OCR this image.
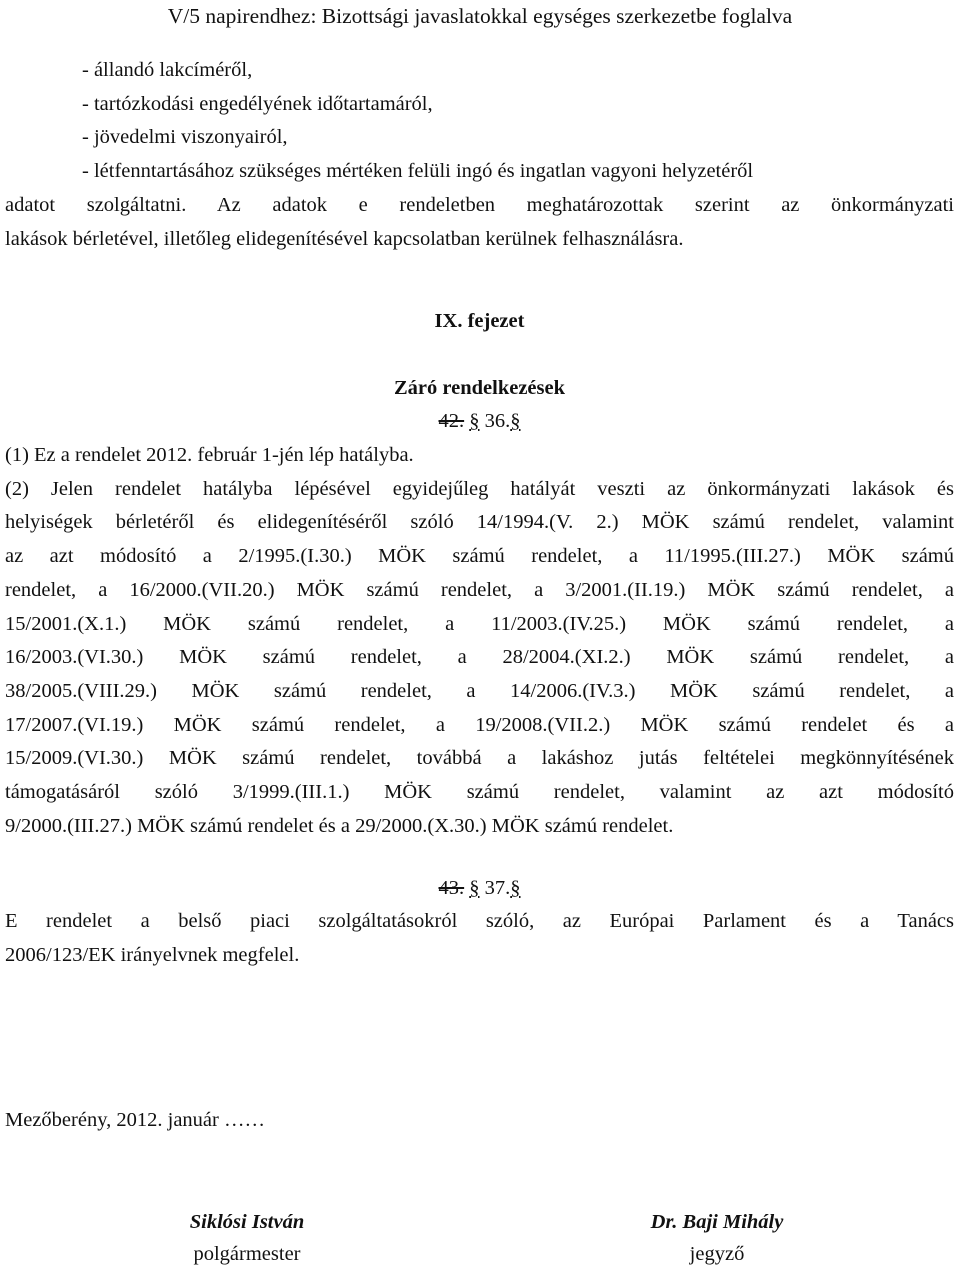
V/5 napirendhez: Bizottsági javaslatokkal egységes szerkezetbe foglalva
- állandó lakcíméről,
- tartózkodási engedélyének időtartamáról,
- jövedelmi viszonyairól,
- létfenntartásához szükséges mértéken felüli ingó és ingatlan vagyoni helyzetéről
adatot szolgáltatni. Az adatok e rendeletben meghatározottak szerint az önkormányzati
lakások bérletével, illetőleg elidegenítésével kapcsolatban kerülnek felhasználásra.
IX. fejezet
Záró rendelkezések
42. § 36.§
(1) Ez a rendelet 2012. február 1-jén lép hatályba.
(2) Jelen rendelet hatályba lépésével egyidejűleg hatályát veszti az önkormányzati lakások és
helyiségek bérletéről és elidegenítéséről szóló 14/1994.(V. 2.) MÖK számú rendelet, valamint
az azt módosító a 2/1995.(I.30.) MÖK számú rendelet, a 11/1995.(III.27.) MÖK számú
rendelet, a 16/2000.(VII.20.) MÖK számú rendelet, a 3/2001.(II.19.) MÖK számú rendelet, a
15/2001.(X.1.) MÖK számú rendelet, a 11/2003.(IV.25.) MÖK számú rendelet, a
16/2003.(VI.30.) MÖK számú rendelet, a 28/2004.(XI.2.) MÖK számú rendelet, a
38/2005.(VIII.29.) MÖK számú rendelet, a 14/2006.(IV.3.) MÖK számú rendelet, a
17/2007.(VI.19.) MÖK számú rendelet, a 19/2008.(VII.2.) MÖK számú rendelet és a
15/2009.(VI.30.) MÖK számú rendelet, továbbá a lakáshoz jutás feltételei megkönnyítésének
támogatásáról szóló 3/1999.(III.1.) MÖK számú rendelet, valamint az azt módosító
9/2000.(III.27.) MÖK számú rendelet és a 29/2000.(X.30.) MÖK számú rendelet.
43. § 37.§
E rendelet a belső piaci szolgáltatásokról szóló, az Európai Parlament és a Tanács
2006/123/EK irányelvnek megfelel.
Mezőberény, 2012. január ……
Siklósi István
polgármester
Dr. Baji Mihály
jegyző
